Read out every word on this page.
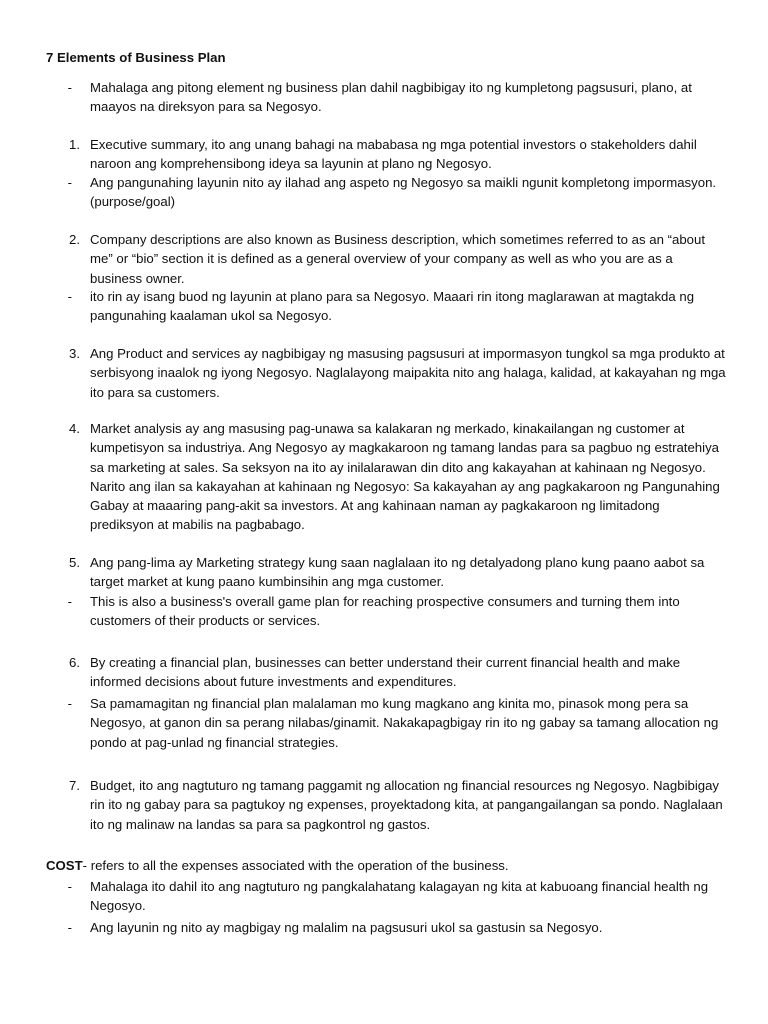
7 Elements of Business Plan
- Mahalaga ang pitong element ng business plan dahil nagbibigay ito ng kumpletong pagsusuri, plano, at maayos na direksyon para sa Negosyo.
1. Executive summary, ito ang unang bahagi na mababasa ng mga potential investors o stakeholders dahil naroon ang komprehensibong ideya sa layunin at plano ng Negosyo.
- Ang pangunahing layunin nito ay ilahad ang aspeto ng Negosyo sa maikli ngunit kompletong impormasyon. (purpose/goal)
2. Company descriptions are also known as Business description, which sometimes referred to as an “about me” or “bio” section it is defined as a general overview of your company as well as who you are as a business owner.
- ito rin ay isang buod ng layunin at plano para sa Negosyo. Maaari rin itong maglarawan at magtakda ng pangunahing kaalaman ukol sa Negosyo.
3. Ang Product and services ay nagbibigay ng masusing pagsusuri at impormasyon tungkol sa mga produkto at serbisyong inaalok ng iyong Negosyo. Naglalayong maipakita nito ang halaga, kalidad, at kakayahan ng mga ito para sa customers.
4. Market analysis ay ang masusing pag-unawa sa kalakaran ng merkado, kinakailangan ng customer at kumpetisyon sa industriya. Ang Negosyo ay magkakaroon ng tamang landas para sa pagbuo ng estratehiya sa marketing at sales. Sa seksyon na ito ay inilalarawan din dito ang kakayahan at kahinaan ng Negosyo. Narito ang ilan sa kakayahan at kahinaan ng Negosyo: Sa kakayahan ay ang pagkakaroon ng Pangunahing Gabay at maaaring pang-akit sa investors. At ang kahinaan naman ay pagkakaroon ng limitadong prediksyon at mabilis na pagbabago.
5. Ang pang-lima ay Marketing strategy kung saan naglalaan ito ng detalyadong plano kung paano aabot sa target market at kung paano kumbinsihin ang mga customer.
- This is also a business's overall game plan for reaching prospective consumers and turning them into customers of their products or services.
6. By creating a financial plan, businesses can better understand their current financial health and make informed decisions about future investments and expenditures.
- Sa pamamagitan ng financial plan malalaman mo kung magkano ang kinita mo, pinasok mong pera sa Negosyo, at ganon din sa perang nilabas/ginamit. Nakakapagbigay rin ito ng gabay sa tamang allocation ng pondo at pag-unlad ng financial strategies.
7. Budget, ito ang nagtuturo ng tamang paggamit ng allocation ng financial resources ng Negosyo. Nagbibigay rin ito ng gabay para sa pagtukoy ng expenses, proyektadong kita, at pangangailangan sa pondo. Naglalaan ito ng malinaw na landas sa para sa pagkontrol ng gastos.
COST- refers to all the expenses associated with the operation of the business.
- Mahalaga ito dahil ito ang nagtuturo ng pangkalahatang kalagayan ng kita at kabuoang financial health ng Negosyo.
- Ang layunin ng nito ay magbigay ng malalim na pagsusuri ukol sa gastusin sa Negosyo.
